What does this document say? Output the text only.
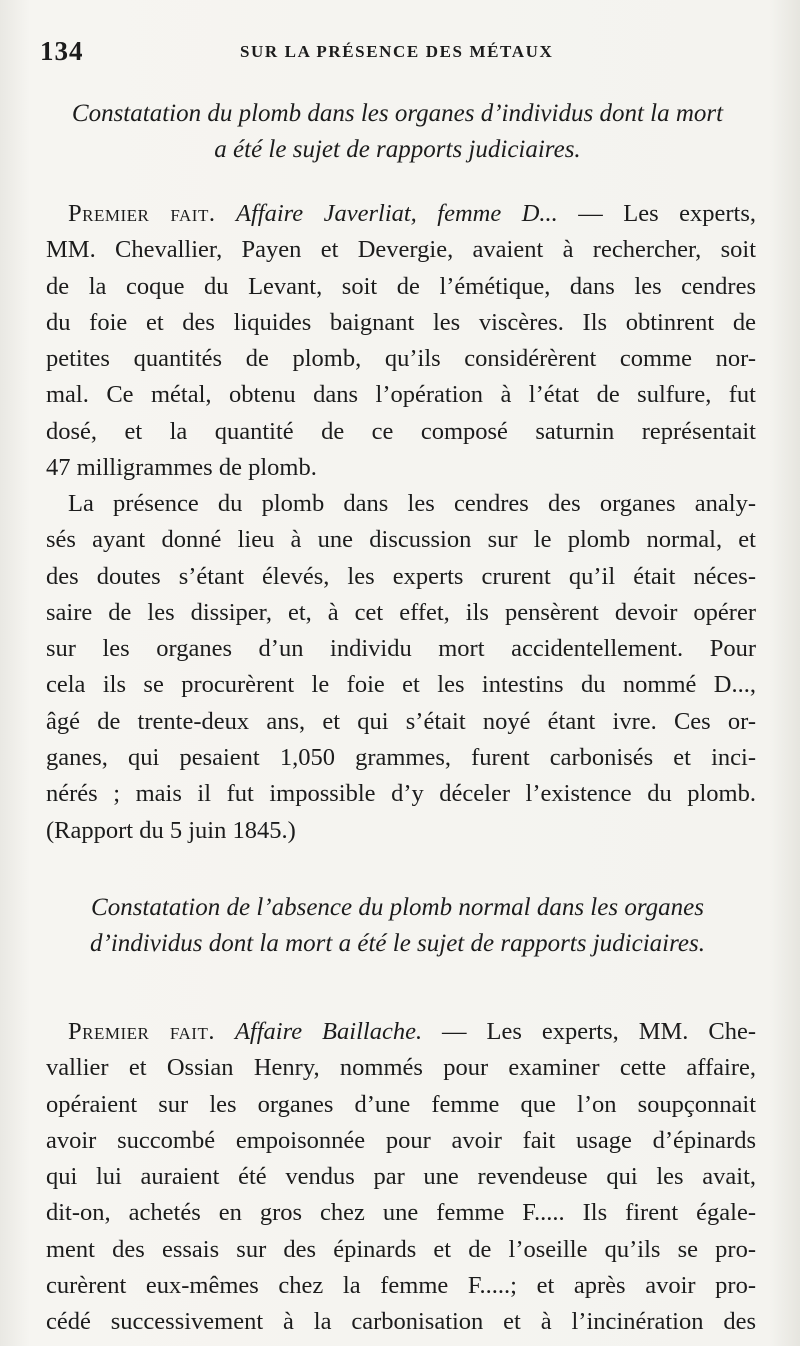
134	SUR LA PRÉSENCE DES MÉTAUX
Constatation du plomb dans les organes d’individus dont la mort
a été le sujet de rapports judiciaires.
Premier fait. Affaire Javerliat, femme D... — Les experts,
MM. Chevallier, Payen et Devergie, avaient à rechercher, soit
de la coque du Levant, soit de l’émétique, dans les cendres
du foie et des liquides baignant les viscères. Ils obtinrent de
petites quantités de plomb, qu’ils considérèrent comme nor-
mal. Ce métal, obtenu dans l’opération à l’état de sulfure, fut
dosé, et la quantité de ce composé saturnin représentait
47 milligrammes de plomb.
La présence du plomb dans les cendres des organes analy-
sés ayant donné lieu à une discussion sur le plomb normal, et
des doutes s’étant élevés, les experts crurent qu’il était néces-
saire de les dissiper, et, à cet effet, ils pensèrent devoir opérer
sur les organes d’un individu mort accidentellement. Pour
cela ils se procurèrent le foie et les intestins du nommé D...,
âgé de trente-deux ans, et qui s’était noyé étant ivre. Ces or-
ganes, qui pesaient 1,050 grammes, furent carbonisés et inci-
nérés ; mais il fut impossible d’y déceler l’existence du plomb.
(Rapport du 5 juin 1845.)
Constatation de l’absence du plomb normal dans les organes
d’individus dont la mort a été le sujet de rapports judiciaires.
Premier fait. Affaire Baillache. — Les experts, MM. Che-
vallier et Ossian Henry, nommés pour examiner cette affaire,
opéraient sur les organes d’une femme que l’on soupçonnait
avoir succombé empoisonnée pour avoir fait usage d’épinards
qui lui auraient été vendus par une revendeuse qui les avait,
dit-on, achetés en gros chez une femme F..... Ils firent égale-
ment des essais sur des épinards et de l’oseille qu’ils se pro-
curèrent eux-mêmes chez la femme F.....; et après avoir pro-
cédé successivement à la carbonisation et à l’incinération des
